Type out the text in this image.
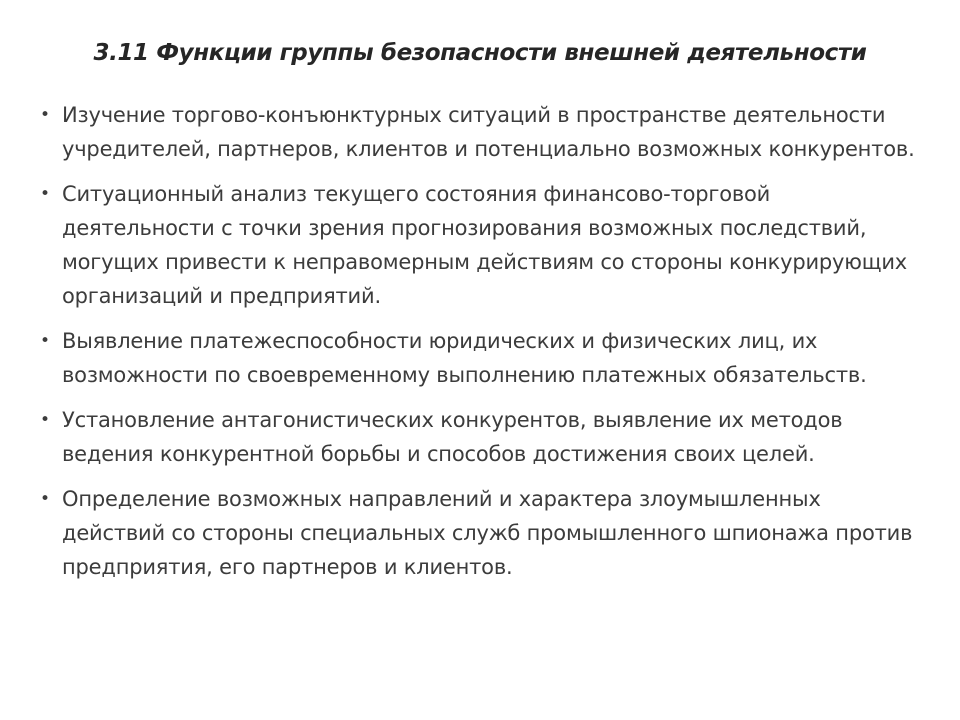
3.11 Функции группы безопасности внешней деятельности
• Изучение торгово-конъюнктурных ситуаций в пространстве деятельности учредителей, партнеров, клиентов и потенциально возможных конкурентов.
• Ситуационный анализ текущего состояния финансово-торговой деятельности с точки зрения прогнозирования возможных последствий, могущих привести к неправомерным действиям со стороны конкурирующих организаций и предприятий.
• Выявление платежеспособности юридических и физических лиц, их возможности по своевременному выполнению платежных обязательств.
• Установление антагонистических конкурентов, выявление их методов ведения конкурентной борьбы и способов достижения своих целей.
• Определение возможных направлений и характера злоумышленных действий со стороны специальных служб промышленного шпионажа против предприятия, его партнеров и клиентов.
